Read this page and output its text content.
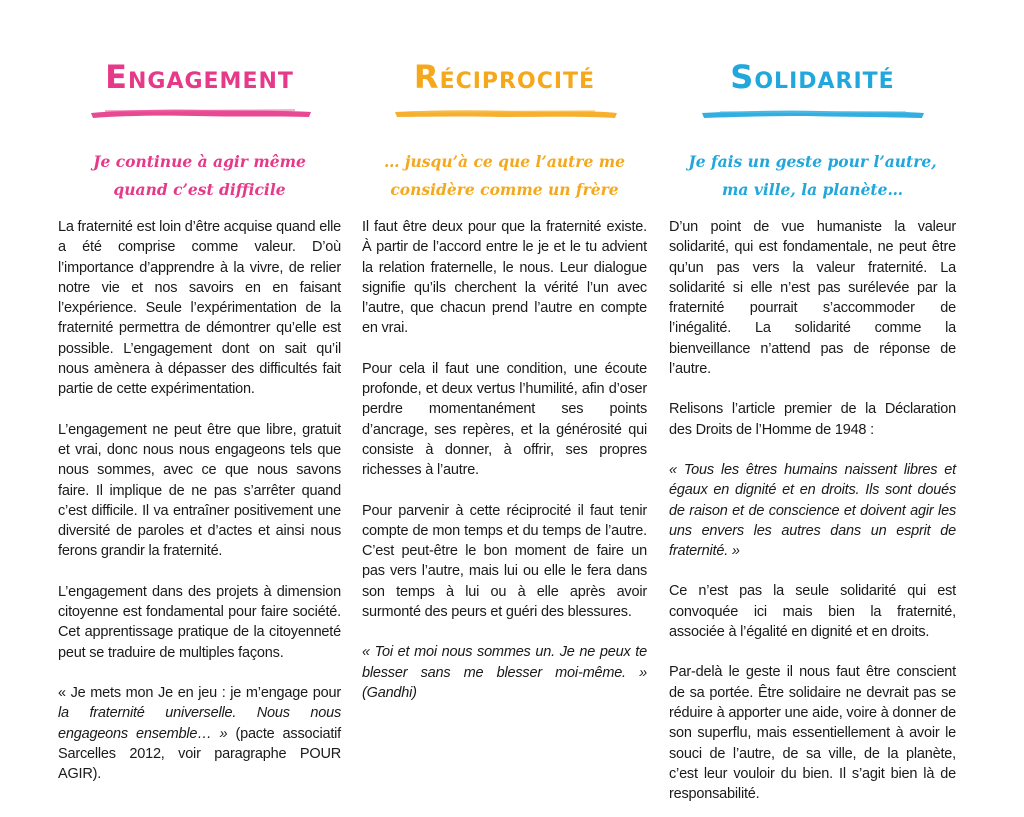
Engagement
Je continue à agir même
quand c’est difficile

La fraternité est loin d’être acquise quand elle a été comprise comme valeur. D’où l’importance d’apprendre à la vivre, de relier notre vie et nos savoirs en en faisant l’expérience. Seule l’expérimentation de la fraternité permettra de démontrer qu’elle est possible. L’engagement dont on sait qu’il nous amènera à dépasser des difficultés fait partie de cette expérimentation.

L’engagement ne peut être que libre, gratuit et vrai, donc nous nous engageons tels que nous sommes, avec ce que nous savons faire. Il implique de ne pas s’arrêter quand c’est difficile. Il va entraîner positivement une diversité de paroles et d’actes et ainsi nous ferons grandir la fraternité.

L’engagement dans des projets à dimension citoyenne est fondamental pour faire société. Cet apprentissage pratique de la citoyenneté peut se traduire de multiples façons.

« Je mets mon Je en jeu : je m’engage pour la fraternité universelle. Nous nous engageons ensemble… » (pacte associatif Sarcelles 2012, voir paragraphe POUR AGIR).

Réciprocité
… jusqu’à ce que l’autre me
considère comme un frère

Il faut être deux pour que la fraternité existe. À partir de l’accord entre le je et le tu advient la relation fraternelle, le nous. Leur dialogue signifie qu’ils cherchent la vérité l’un avec l’autre, que chacun prend l’autre en compte en vrai.

Pour cela il faut une condition, une écoute profonde, et deux vertus l’humilité, afin d’oser perdre momentanément ses points d’ancrage, ses repères, et la générosité qui consiste à donner, à offrir, ses propres richesses à l’autre.

Pour parvenir à cette réciprocité il faut tenir compte de mon temps et du temps de l’autre. C’est peut-être le bon moment de faire un pas vers l’autre, mais lui ou elle le fera dans son temps à lui ou à elle après avoir surmonté des peurs et guéri des blessures.

« Toi et moi nous sommes un. Je ne peux te blesser sans me blesser moi-même. » (Gandhi)

Solidarité
Je fais un geste pour l’autre,
ma ville, la planète…

D’un point de vue humaniste la valeur solidarité, qui est fondamentale, ne peut être qu’un pas vers la valeur fraternité. La solidarité si elle n’est pas surélevée par la fraternité pourrait s’accommoder de l’inégalité. La solidarité comme la bienveillance n’attend pas de réponse de l’autre.

Relisons l’article premier de la Déclaration des Droits de l’Homme de 1948 :

« Tous les êtres humains naissent libres et égaux en dignité et en droits. Ils sont doués de raison et de conscience et doivent agir les uns envers les autres dans un esprit de fraternité. »

Ce n’est pas la seule solidarité qui est convoquée ici mais bien la fraternité, associée à l’égalité en dignité et en droits.

Par-delà le geste il nous faut être conscient de sa portée. Être solidaire ne devrait pas se réduire à apporter une aide, voire à donner de son superflu, mais essentiellement à avoir le souci de l’autre, de sa ville, de la planète, c’est leur vouloir du bien. Il s’agit bien là de responsabilité.
